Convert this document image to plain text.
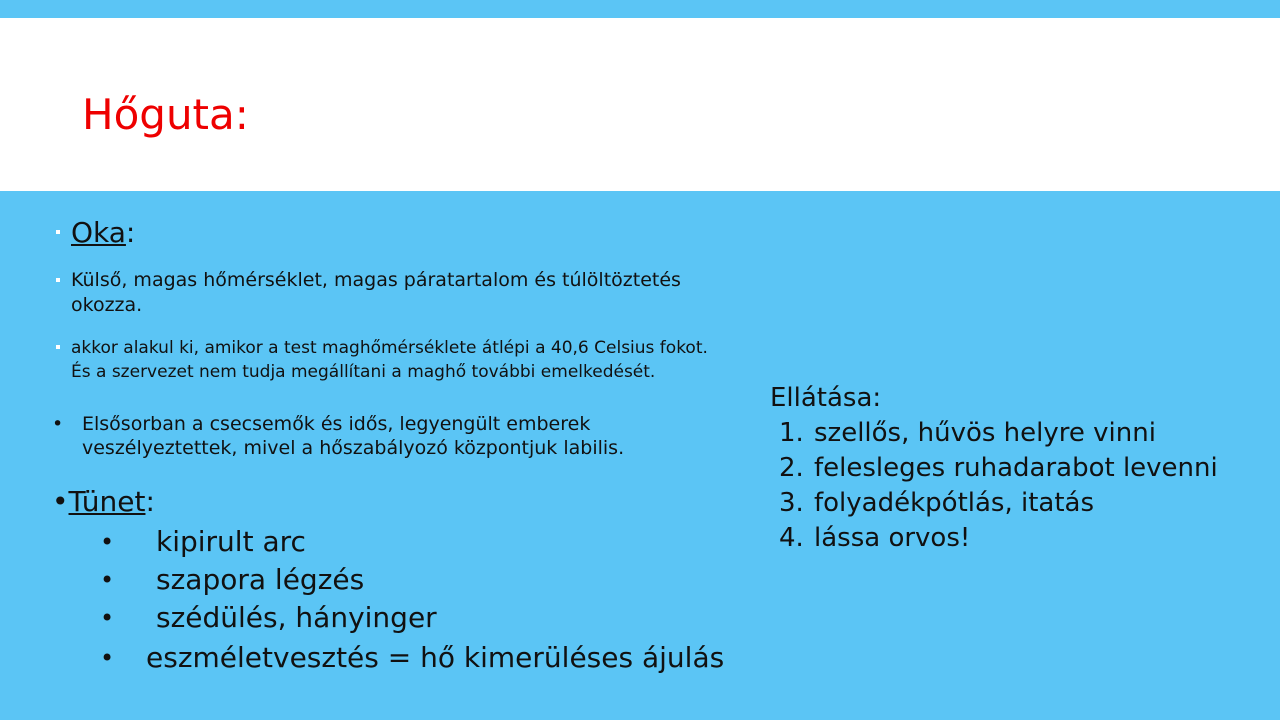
Hőguta:
Oka:
Külső, magas hőmérséklet, magas páratartalom és túlöltöztetés okozza.
akkor alakul ki, amikor a test maghőmérséklete átlépi a 40,6 Celsius fokot. És a szervezet nem tudja megállítani a maghő további emelkedését.
• Elsősorban a csecsemők és idős, legyengült emberek veszélyeztettek, mivel a hőszabályozó központjuk labilis.
•Tünet:
• kipirult arc
• szapora légzés
• szédülés, hányinger
• eszméletvesztés = hő kimerüléses ájulás
Ellátása:
1. szellős, hűvös helyre vinni
2. felesleges ruhadarabot levenni
3. folyadékpótlás, itatás
4. lássa orvos!
